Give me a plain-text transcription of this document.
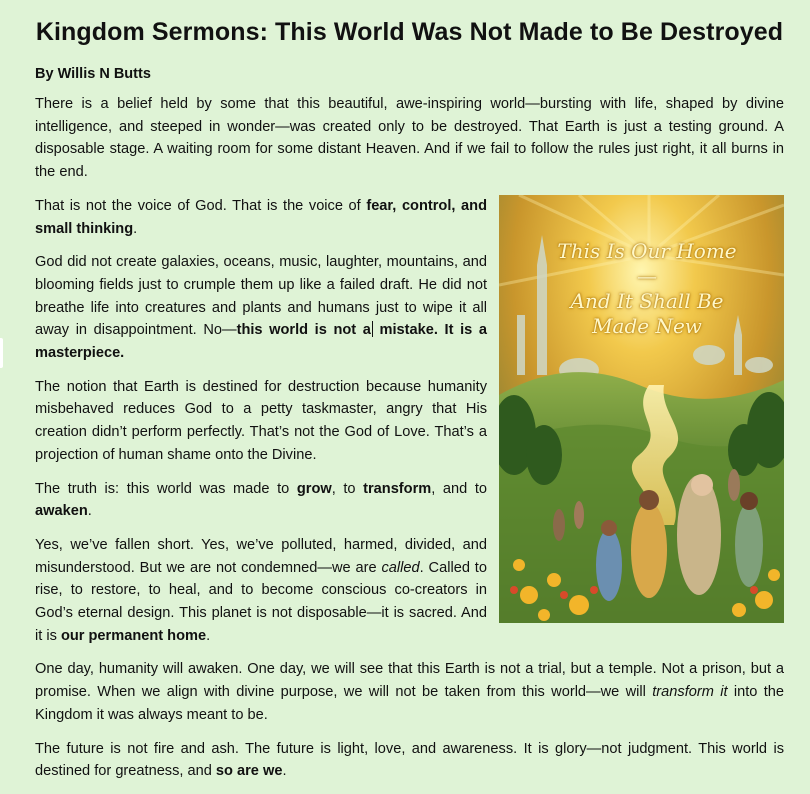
Kingdom Sermons: This World Was Not Made to Be Destroyed
By Willis N Butts

There is a belief held by some that this beautiful, awe-inspiring world—bursting with life, shaped by divine intelligence, and steeped in wonder—was created only to be destroyed. That Earth is just a testing ground. A disposable stage. A waiting room for some distant Heaven. And if we fail to follow the rules just right, it all burns in the end.

This Is Our Home—
And It Shall Be
Made New

That is not the voice of God. That is the voice of fear, control, and small thinking.

God did not create galaxies, oceans, music, laughter, mountains, and blooming fields just to crumple them up like a failed draft. He did not breathe life into creatures and plants and humans just to wipe it all away in disappointment. No—this world is not a mistake. It is a masterpiece.

The notion that Earth is destined for destruction because humanity misbehaved reduces God to a petty taskmaster, angry that His creation didn’t perform perfectly. That’s not the God of Love. That’s a projection of human shame onto the Divine.

The truth is: this world was made to grow, to transform, and to awaken.

Yes, we’ve fallen short. Yes, we’ve polluted, harmed, divided, and misunderstood. But we are not condemned—we are called. Called to rise, to restore, to heal, and to become conscious co-creators in God’s eternal design. This planet is not disposable—it is sacred. And it is our permanent home.

One day, humanity will awaken. One day, we will see that this Earth is not a trial, but a temple. Not a prison, but a promise. When we align with divine purpose, we will not be taken from this world—we will transform it into the Kingdom it was always meant to be.

The future is not fire and ash. The future is light, love, and awareness. It is glory—not judgment. This world is destined for greatness, and so are we.
